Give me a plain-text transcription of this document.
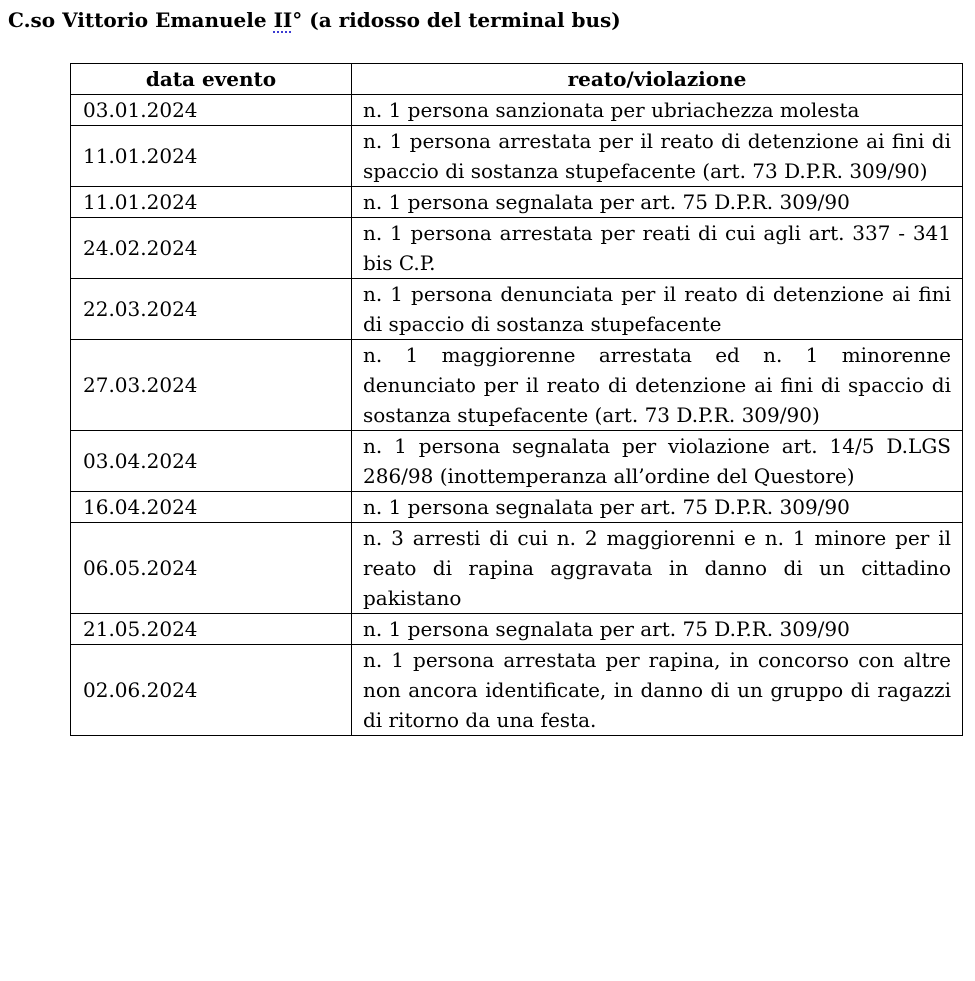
C.so Vittorio Emanuele II° (a ridosso del terminal bus)
data evento	reato/violazione
03.01.2024	n. 1 persona sanzionata per ubriachezza molesta
11.01.2024	n. 1 persona arrestata per il reato di detenzione ai fini di spaccio di sostanza stupefacente (art. 73 D.P.R. 309/90)
11.01.2024	n. 1 persona segnalata per art. 75 D.P.R. 309/90
24.02.2024	n. 1 persona arrestata per reati di cui agli art. 337 - 341 bis C.P.
22.03.2024	n. 1 persona denunciata per il reato di detenzione ai fini di spaccio di sostanza stupefacente
27.03.2024	n. 1 maggiorenne arrestata ed n. 1 minorenne denunciato per il reato di detenzione ai fini di spaccio di sostanza stupefacente (art. 73 D.P.R. 309/90)
03.04.2024	n. 1 persona segnalata per violazione art. 14/5 D.LGS 286/98 (inottemperanza all’ordine del Questore)
16.04.2024	n. 1 persona segnalata per art. 75 D.P.R. 309/90
06.05.2024	n. 3 arresti di cui n. 2 maggiorenni e n. 1 minore per il reato di rapina aggravata in danno di un cittadino pakistano
21.05.2024	n. 1 persona segnalata per art. 75 D.P.R. 309/90
02.06.2024	n. 1 persona arrestata per rapina, in concorso con altre non ancora identificate, in danno di un gruppo di ragazzi di ritorno da una festa.
